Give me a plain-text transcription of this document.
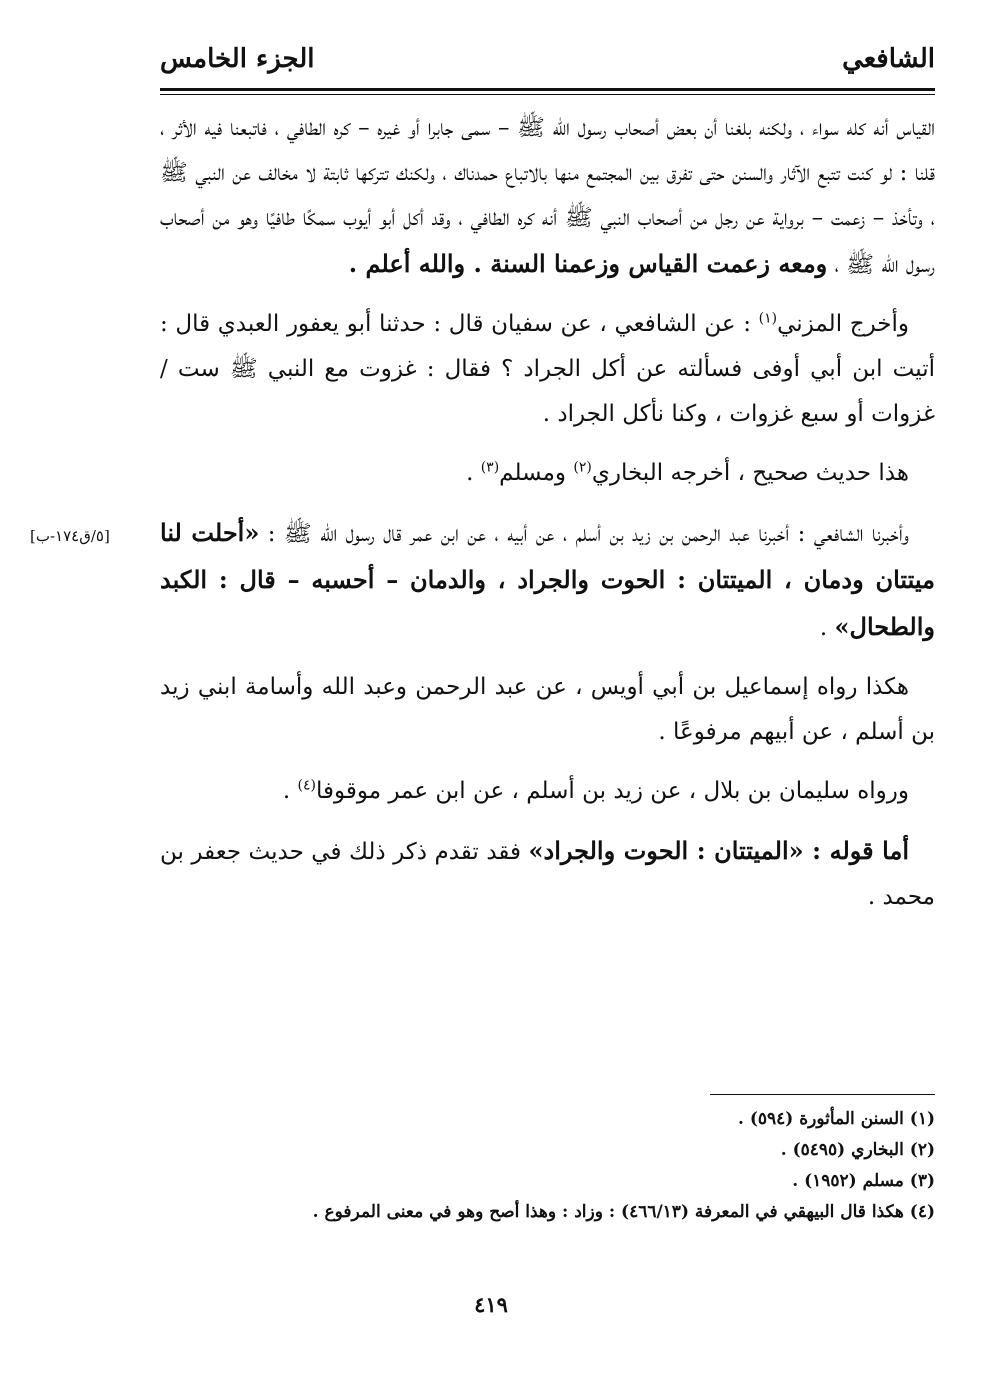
الشافعي
الجزء الخامس

القياس أنه كله سواء ، ولكنه بلغنا أن بعض أصحاب رسول الله ﷺ – سمى جابرا أو غيره – كره الطافي ، فاتبعنا فيه الأثر ، قلنا : لو كنت تتبع الآثار والسنن حتى تفرق بين المجتمع منها بالاتباع حمدناك ، ولكنك تتركها ثابتة لا مخالف عن النبي ﷺ ، وتأخذ – زعمت – برواية عن رجل من أصحاب النبي ﷺ أنه كره الطافي ، وقد أكل أبو أيوب سمكًا طافيًا وهو من أصحاب رسول الله ﷺ ، ومعه زعمت القياس وزعمنا السنة . والله أعلم .

وأخرج المزني$^{(١)}$ : عن الشافعي ، عن سفيان قال : حدثنا أبو يعفور العبدي قال : أتيت ابن أبي أوفى فسألته عن أكل الجراد ؟ فقال : غزوت مع النبي ﷺ ست / غزوات أو سبع غزوات ، وكنا نأكل الجراد .

هذا حديث صحيح ، أخرجه البخاري$^{(٢)}$ ومسلم$^{(٣)}$ .

وأخبرنا الشافعي : أخبرنا عبد الرحمن بن زيد بن أسلم ، عن أبيه ، عن ابن عمر قال رسول الله ﷺ : «أحلت لنا ميتتان ودمان ، الميتتان : الحوت والجراد ، والدمان – أحسبه – قال : الكبد والطحال» .

هكذا رواه إسماعيل بن أبي أويس ، عن عبد الرحمن وعبد الله وأسامة ابني زيد بن أسلم ، عن أبيهم مرفوعًا .

ورواه سليمان بن بلال ، عن زيد بن أسلم ، عن ابن عمر موقوفا$^{(٤)}$ .

أما قوله : «الميتتان : الحوت والجراد» فقد تقدم ذكر ذلك في حديث جعفر بن محمد .

[٥/ق١٧٤-ب]
(١) السنن المأثورة (٥٩٤) .
(٢) البخاري (٥٤٩٥) .
(٣) مسلم (١٩٥٢) .
(٤) هكذا قال البيهقي في المعرفة (٤٦٦/١٣) : وزاد : وهذا أصح وهو في معنى المرفوع .
٤١٩
